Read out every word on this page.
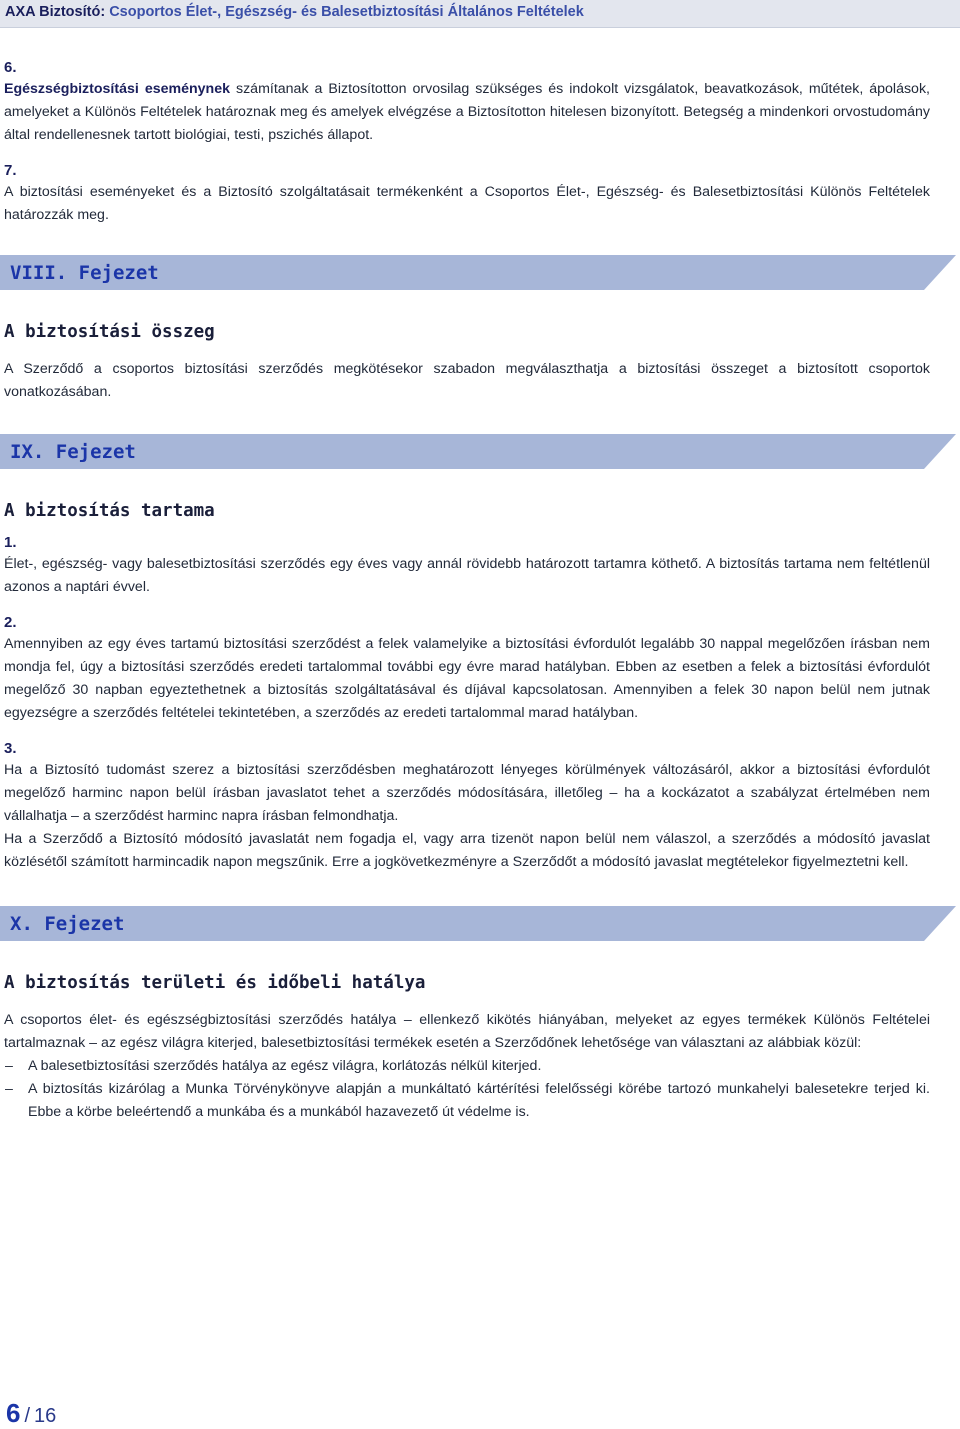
AXA Biztosító: Csoportos Élet-, Egészség- és Balesetbiztosítási Általános Feltételek
6.

Egészségbiztosítási eseménynek számítanak a Biztosítotton orvosilag szükséges és indokolt vizsgálatok, beavatkozások, műtétek, ápolások, amelyeket a Különös Feltételek határoznak meg és amelyek elvégzése a Biztosítotton hitelesen bizonyított. Betegség a mindenkori orvostudomány által rendellenesnek tartott biológiai, testi, pszichés állapot.

7.

A biztosítási eseményeket és a Biztosító szolgáltatásait termékenként a Csoportos Élet-, Egészség- és Balesetbiztosítási Különös Feltételek határozzák meg.

VIII. Fejezet
A biztosítási összeg

A Szerződő a csoportos biztosítási szerződés megkötésekor szabadon megválaszthatja a biztosítási összeget a biztosított csoportok vonatkozásában.

IX. Fejezet
A biztosítás tartama
1.

Élet-, egészség- vagy balesetbiztosítási szerződés egy éves vagy annál rövidebb határozott tartamra köthető. A biztosítás tartama nem feltétlenül azonos a naptári évvel.

2.

Amennyiben az egy éves tartamú biztosítási szerződést a felek valamelyike a biztosítási évfordulót legalább 30 nappal megelőzően írásban nem mondja fel, úgy a biztosítási szerződés eredeti tartalommal további egy évre marad hatályban. Ebben az esetben a felek a biztosítási évfordulót megelőző 30 napban egyeztethetnek a biztosítás szolgáltatásával és díjával kapcsolatosan. Amennyiben a felek 30 napon belül nem jutnak egyezségre a szerződés feltételei tekintetében, a szerződés az eredeti tartalommal marad hatályban.

3.

Ha a Biztosító tudomást szerez a biztosítási szerződésben meghatározott lényeges körülmények változásáról, akkor a biztosítási évfordulót megelőző harminc napon belül írásban javaslatot tehet a szerződés módosítására, illetőleg – ha a kockázatot a szabályzat értelmében nem vállalhatja – a szerződést harminc napra írásban felmondhatja.

Ha a Szerződő a Biztosító módosító javaslatát nem fogadja el, vagy arra tizenöt napon belül nem válaszol, a szerződés a módosító javaslat közlésétől számított harmincadik napon megszűnik. Erre a jogkövetkezményre a Szerződőt a módosító javaslat megtételekor figyelmeztetni kell.

X. Fejezet
A biztosítás területi és időbeli hatálya

A csoportos élet- és egészségbiztosítási szerződés hatálya – ellenkező kikötés hiányában, melyeket az egyes termékek Különös Feltételei tartalmaznak – az egész világra kiterjed, balesetbiztosítási termékek esetén a Szerződőnek lehetősége van választani az alábbiak közül:

– A balesetbiztosítási szerződés hatálya az egész világra, korlátozás nélkül kiterjed.
– A biztosítás kizárólag a Munka Törvénykönyve alapján a munkáltató kártérítési felelősségi körébe tartozó munkahelyi balesetekre terjed ki. Ebbe a körbe beleértendő a munkába és a munkából hazavezető út védelme is.
6 / 16
